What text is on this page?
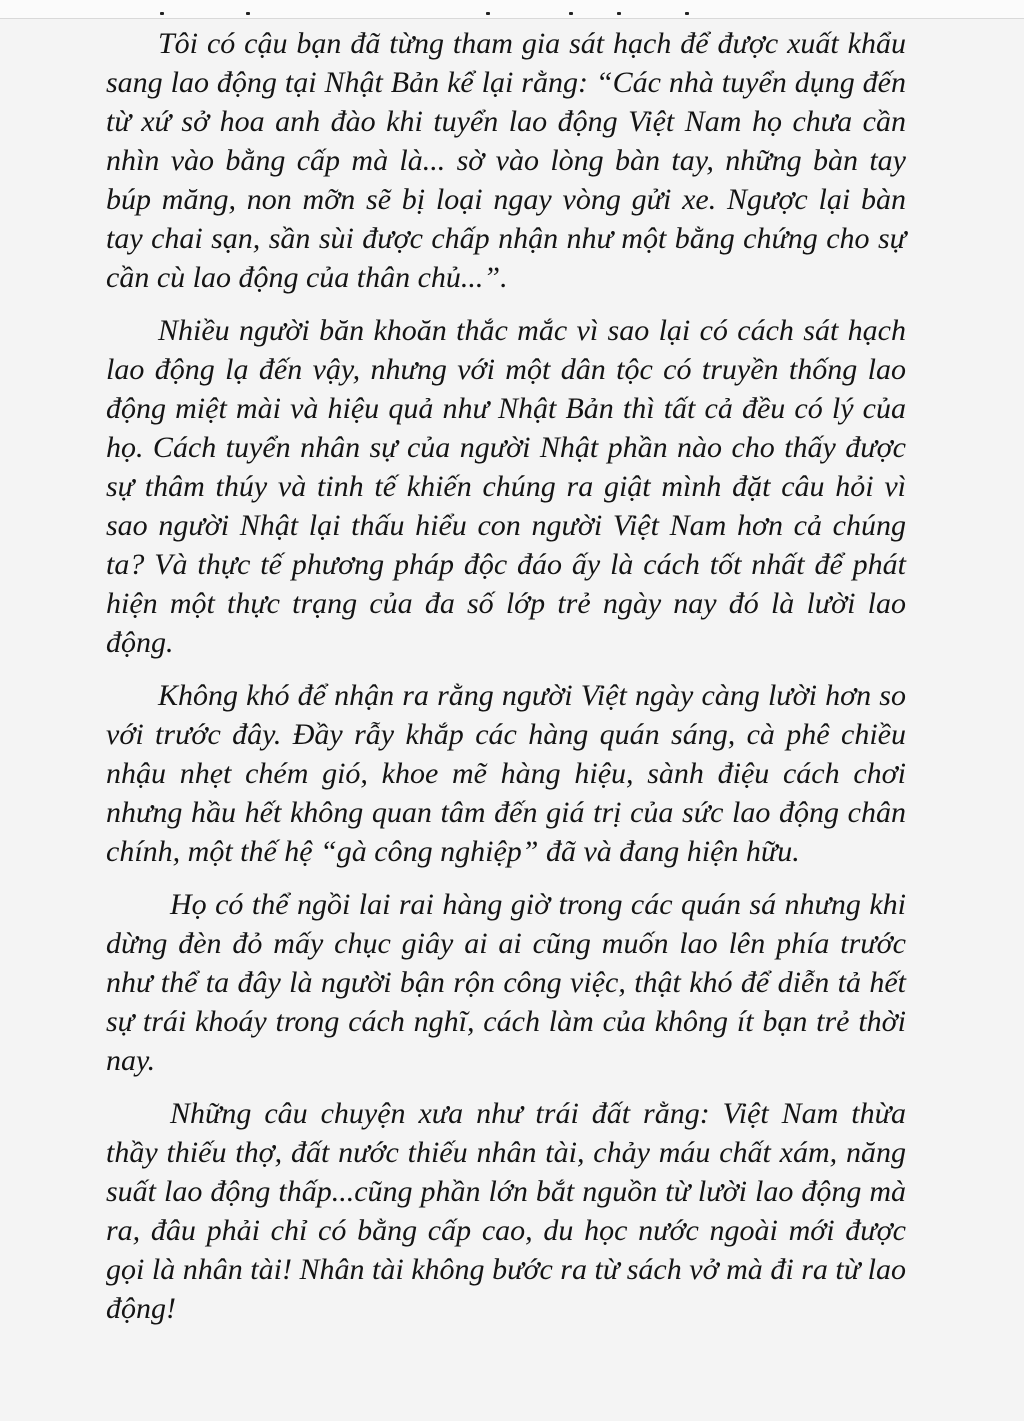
Tôi có cậu bạn đã từng tham gia sát hạch để được xuất khẩu sang lao động tại Nhật Bản kể lại rằng: “Các nhà tuyển dụng đến từ xứ sở hoa anh đào khi tuyển lao động Việt Nam họ chưa cần nhìn vào bằng cấp mà là... sờ vào lòng bàn tay, những bàn tay búp măng, non mỡn sẽ bị loại ngay vòng gửi xe. Ngược lại bàn tay chai sạn, sần sùi được chấp nhận như một bằng chứng cho sự cần cù lao động của thân chủ...”.

Nhiều người băn khoăn thắc mắc vì sao lại có cách sát hạch lao động lạ đến vậy, nhưng với một dân tộc có truyền thống lao động miệt mài và hiệu quả như Nhật Bản thì tất cả đều có lý của họ. Cách tuyển nhân sự của người Nhật phần nào cho thấy được sự thâm thúy và tinh tế khiến chúng ra giật mình đặt câu hỏi vì sao người Nhật lại thấu hiểu con người Việt Nam hơn cả chúng ta? Và thực tế phương pháp độc đáo ấy là cách tốt nhất để phát hiện một thực trạng của đa số lớp trẻ ngày nay đó là lười lao động.

Không khó để nhận ra rằng người Việt ngày càng lười hơn so với trước đây. Đầy rẫy khắp các hàng quán sáng, cà phê chiều nhậu nhẹt chém gió, khoe mẽ hàng hiệu, sành điệu cách chơi nhưng hầu hết không quan tâm đến giá trị của sức lao động chân chính, một thế hệ “gà công nghiệp” đã và đang hiện hữu.

Họ có thể ngồi lai rai hàng giờ trong các quán sá nhưng khi dừng đèn đỏ mấy chục giây ai ai cũng muốn lao lên phía trước như thể ta đây là người bận rộn công việc, thật khó để diễn tả hết sự trái khoáy trong cách nghĩ, cách làm của không ít bạn trẻ thời nay.

Những câu chuyện xưa như trái đất rằng: Việt Nam thừa thầy thiếu thợ, đất nước thiếu nhân tài, chảy máu chất xám, năng suất lao động thấp...cũng phần lớn bắt nguồn từ lười lao động mà ra, đâu phải chỉ có bằng cấp cao, du học nước ngoài mới được gọi là nhân tài! Nhân tài không bước ra từ sách vở mà đi ra từ lao động!
